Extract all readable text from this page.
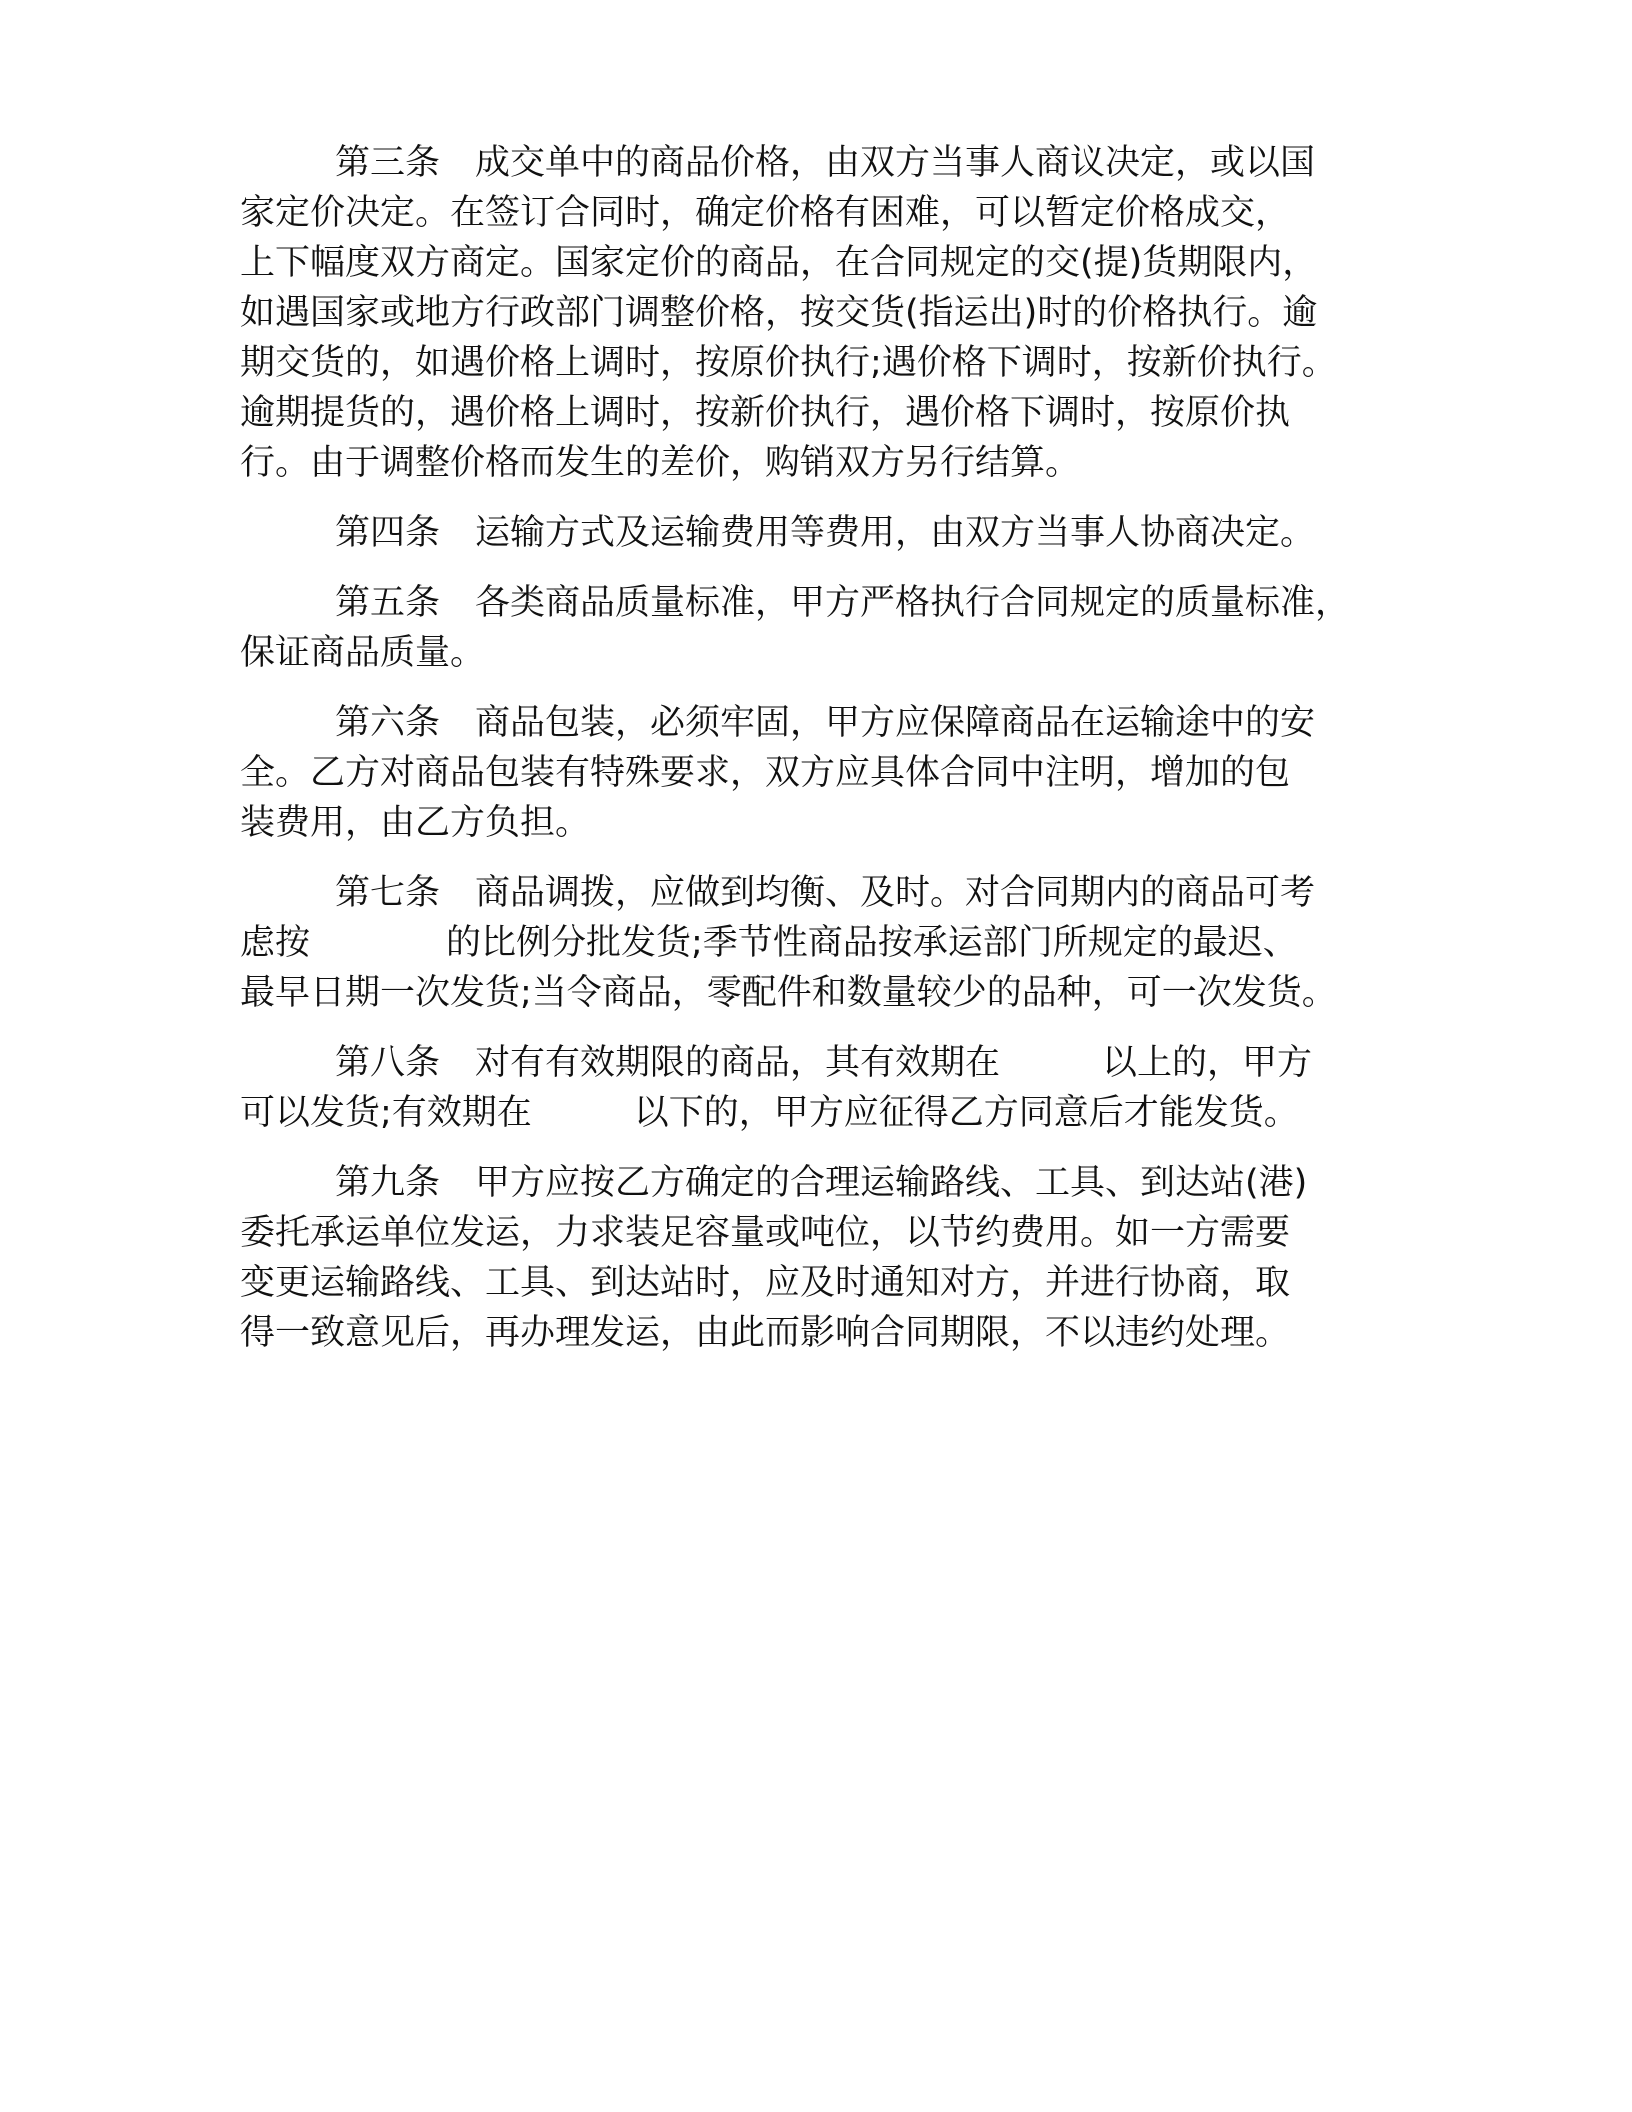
第三条　成交单中的商品价格，由双方当事人商议决定，或以国
家定价决定。在签订合同时，确定价格有困难，可以暂定价格成交，
上下幅度双方商定。国家定价的商品，在合同规定的交(提)货期限内，
如遇国家或地方行政部门调整价格，按交货(指运出)时的价格执行。逾
期交货的，如遇价格上调时，按原价执行;遇价格下调时，按新价执行。
逾期提货的，遇价格上调时，按新价执行，遇价格下调时，按原价执
行。由于调整价格而发生的差价，购销双方另行结算。
第四条　运输方式及运输费用等费用，由双方当事人协商决定。
第五条　各类商品质量标准，甲方严格执行合同规定的质量标准，
保证商品质量。
第六条　商品包装，必须牢固，甲方应保障商品在运输途中的安
全。乙方对商品包装有特殊要求，双方应具体合同中注明，增加的包
装费用，由乙方负担。
第七条　商品调拨，应做到均衡、及时。对合同期内的商品可考
虑按	的比例分批发货;季节性商品按承运部门所规定的最迟、
最早日期一次发货;当令商品，零配件和数量较少的品种，可一次发货。
第八条　对有有效期限的商品，其有效期在	以上的，甲方
可以发货;有效期在	以下的，甲方应征得乙方同意后才能发货。
第九条　甲方应按乙方确定的合理运输路线、工具、到达站(港)
委托承运单位发运，力求装足容量或吨位，以节约费用。如一方需要
变更运输路线、工具、到达站时，应及时通知对方，并进行协商，取
得一致意见后，再办理发运，由此而影响合同期限，不以违约处理。
